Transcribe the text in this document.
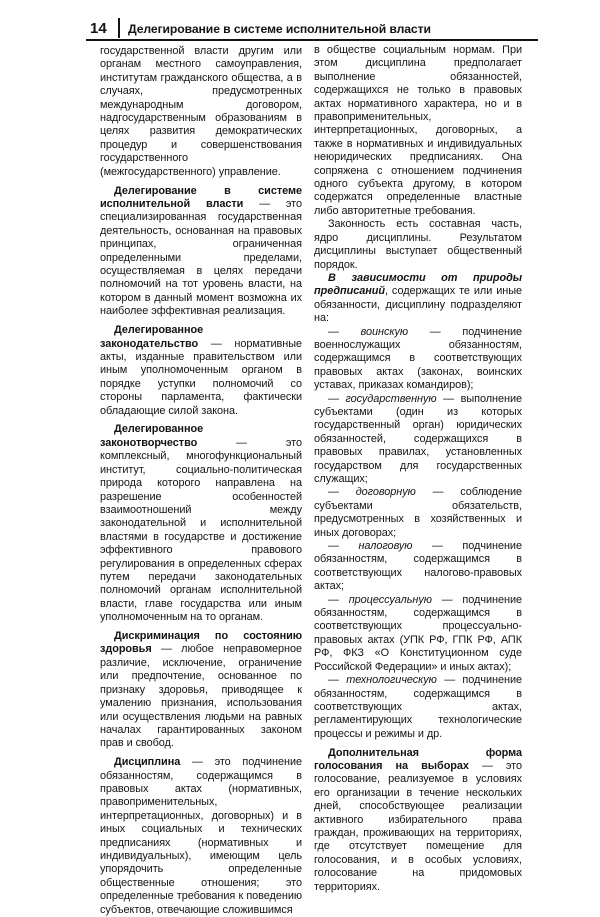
14 Делегирование в системе исполнительной власти

государственной власти другим или органам местного самоуправления, институтам гражданского общества, а в случаях, предусмотренных международным договором, надгосударственным образованиям в целях развития демократических процедур и совершенствования государственного (межгосударственного) управление.

Делегирование в системе исполнительной власти — это специализированная государственная деятельность, основанная на правовых принципах, ограниченная определенными пределами, осуществляемая в целях передачи полномочий на тот уровень власти, на котором в данный момент возможна их наиболее эффективная реализация.

Делегированное законодательство — нормативные акты, изданные правительством или иным уполномоченным органом в порядке уступки полномочий со стороны парламента, фактически обладающие силой закона.

Делегированное законотворчество — это комплексный, многофункциональный институт, социально-политическая природа которого направлена на разрешение особенностей взаимоотношений между законодательной и исполнительной властями в государстве и достижение эффективного правового регулирования в определенных сферах путем передачи законодательных полномочий органам исполнительной власти, главе государства или иным уполномоченным на то органам.

Дискриминация по состоянию здоровья — любое неправомерное различие, исключение, ограничение или предпочтение, основанное по признаку здоровья, приводящее к умалению признания, использования или осуществления людьми на равных началах гарантированных законом прав и свобод.

Дисциплина — это подчинение обязанностям, содержащимся в правовых актах (нормативных, правоприменительных, интерпретационных, договорных) и в иных социальных и технических предписаниях (нормативных и индивидуальных), имеющим цель упорядочить определенные общественные отношения; это определенные требования к поведению субъектов, отвечающие сложившимся

в обществе социальным нормам. При этом дисциплина предполагает выполнение обязанностей, содержащихся не только в правовых актах нормативного характера, но и в правоприменительных, интерпретационных, договорных, а также в нормативных и индивидуальных неюридических предписаниях. Она сопряжена с отношением подчинения одного субъекта другому, в котором содержатся определенные властные либо авторитетные требования.

Законность есть составная часть, ядро дисциплины. Результатом дисциплины выступает общественный порядок.

В зависимости от природы предписаний, содержащих те или иные обязанности, дисциплину подразделяют на:

— воинскую — подчинение военнослужащих обязанностям, содержащимся в соответствующих правовых актах (законах, воинских уставах, приказах командиров);

— государственную — выполнение субъектами (один из которых государственный орган) юридических обязанностей, содержащихся в правовых правилах, установленных государством для государственных служащих;

— договорную — соблюдение субъектами обязательств, предусмотренных в хозяйственных и иных договорах;

— налоговую — подчинение обязанностям, содержащимся в соответствующих налогово-правовых актах;

— процессуальную — подчинение обязанностям, содержащимся в соответствующих процессуально-правовых актах (УПК РФ, ГПК РФ, АПК РФ, ФКЗ «О Конституционном суде Российской Федерации» и иных актах);

— технологическую — подчинение обязанностям, содержащимся в соответствующих актах, регламентирующих технологические процессы и режимы и др.

Дополнительная форма голосования на выборах — это голосование, реализуемое в условиях его организации в течение нескольких дней, способствующее реализации активного избирательного права граждан, проживающих на территориях, где отсутствует помещение для голосования, и в особых условиях, голосование на придомовых территориях.
